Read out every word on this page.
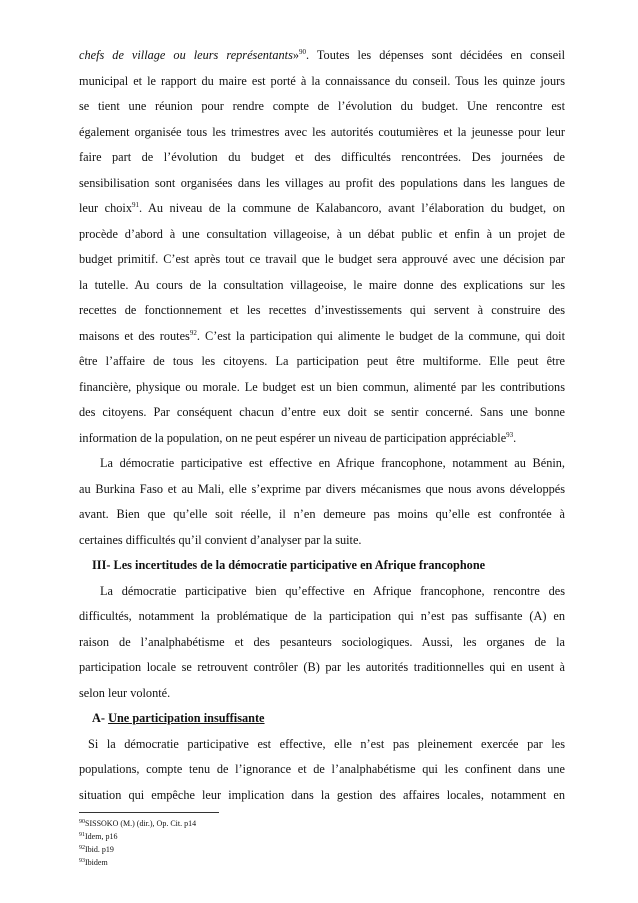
chefs de village ou leurs représentants»$^{90}$. Toutes les dépenses sont décidées en conseil
municipal et le rapport du maire est porté à la connaissance du conseil. Tous les quinze jours
se tient une réunion pour rendre compte de l’évolution du budget. Une rencontre est
également organisée tous les trimestres avec les autorités coutumières et la jeunesse pour leur
faire part de l’évolution du budget et des difficultés rencontrées. Des journées de
sensibilisation sont organisées dans les villages au profit des populations dans les langues de
leur choix$^{91}$. Au niveau de la commune de Kalabancoro, avant l’élaboration du budget, on
procède d’abord à une consultation villageoise, à un débat public et enfin à un projet de
budget primitif. C’est après tout ce travail que le budget sera approuvé avec une décision par
la tutelle. Au cours de la consultation villageoise, le maire donne des explications sur les
recettes de fonctionnement et les recettes d’investissements qui servent à construire des
maisons et des routes$^{92}$. C’est la participation qui alimente le budget de la commune, qui doit
être l’affaire de tous les citoyens. La participation peut être multiforme. Elle peut être
financière, physique ou morale. Le budget est un bien commun, alimenté par les contributions
des citoyens. Par conséquent chacun d’entre eux doit se sentir concerné. Sans une bonne
information de la population, on ne peut espérer un niveau de participation appréciable$^{93}$.
La démocratie participative est effective en Afrique francophone, notamment au Bénin,
au Burkina Faso et au Mali, elle s’exprime par divers mécanismes que nous avons développés
avant. Bien que qu’elle soit réelle, il n’en demeure pas moins qu’elle est confrontée à
certaines difficultés qu’il convient d’analyser par la suite.
III- Les incertitudes de la démocratie participative en Afrique francophone
La démocratie participative bien qu’effective en Afrique francophone, rencontre des
difficultés, notamment la problématique de la participation qui n’est pas suffisante (A) en
raison de l’analphabétisme et des pesanteurs sociologiques. Aussi, les organes de la
participation locale se retrouvent contrôler (B) par les autorités traditionnelles qui en usent à
selon leur volonté.
A- Une participation insuffisante
Si la démocratie participative est effective, elle n’est pas pleinement exercée par les
populations, compte tenu de l’ignorance et de l’analphabétisme qui les confinent dans une
situation qui empêche leur implication dans la gestion des affaires locales, notamment en
$^{90}$SISSOKO (M.) (dir.), Op. Cit. p14
$^{91}$Idem, p16
$^{92}$Ibid. p19
$^{93}$Ibidem
